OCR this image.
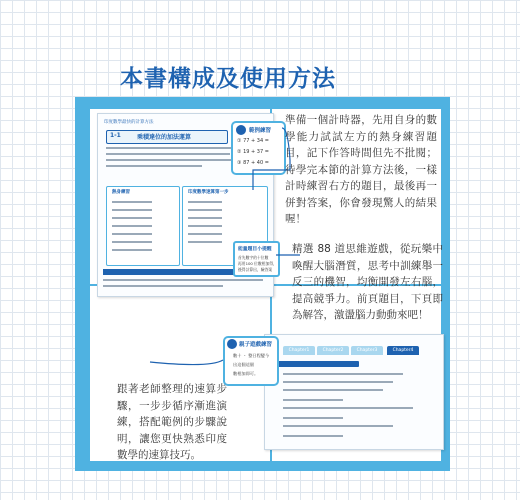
本書構成及使用方法
印度數學最快的計算方法
1-1	乘積達位的加法運算
熱身練習	印度數學速算第一步
範例練習
① 77 + 34 =
② 19 + 37 =
③ 87 + 40 =
能量題目小提醒
首先數字的十位數
再用100 位數相加得，
後得計算出，驗答案
Chapter1	Chapter2	Chapter3	Chapter4
親子遊戲練習
數十 ・ 整日程變今
出這個這個
數相加即可。

準備一個計時器，先用自身的數學能力試試左方的熱身練習題目，記下作答時間但先不批閱；待學完本節的計算方法後，一樣計時練習右方的題目，最後再一併對答案，你會發現驚人的結果喔！

精選 88 道思維遊戲，從玩樂中喚醒大腦潛質，思考中訓練舉一反三的機智，均衡開發左右腦，提高競爭力。前頁題目，下頁即為解答，激盪腦力動動來吧！

跟著老師整理的速算步驟，一步步循序漸進演練，搭配範例的步驟說明，讓您更快熟悉印度數學的速算技巧。
